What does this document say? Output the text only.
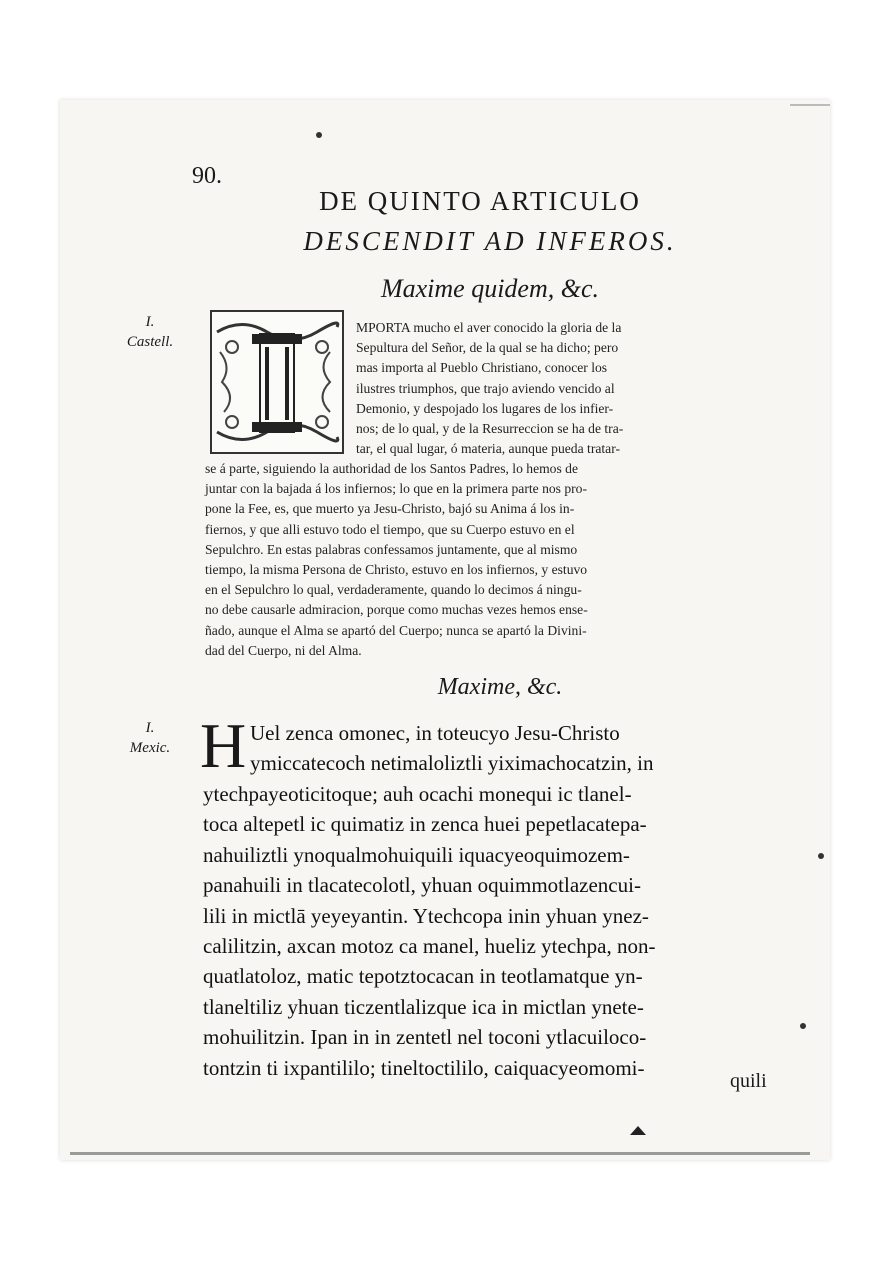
90.
DE QUINTO ARTICULO
DESCENDIT AD INFEROS.
Maxime quidem, &c.
I.
Castell.
MPORTA mucho el aver conocido la gloria de la
Sepultura del Señor, de la qual se ha dicho; pero
mas importa al Pueblo Christiano, conocer los
ilustres triumphos, que trajo aviendo vencido al
Demonio, y despojado los lugares de los infier-
nos; de lo qual, y de la Resurreccion se ha de tra-
tar, el qual lugar, ó materia, aunque pueda tratar-
se á parte, siguiendo la authoridad de los Santos Padres, lo hemos de
juntar con la bajada á los infiernos; lo que en la primera parte nos pro-
pone la Fee, es, que muerto ya Jesu-Christo, bajó su Anima á los in-
fiernos, y que alli estuvo todo el tiempo, que su Cuerpo estuvo en el
Sepulchro. En estas palabras confessamos juntamente, que al mismo
tiempo, la misma Persona de Christo, estuvo en los infiernos, y estuvo
en el Sepulchro lo qual, verdaderamente, quando lo decimos á ningu-
no debe causarle admiracion, porque como muchas vezes hemos ense-
ñado, aunque el Alma se apartó del Cuerpo; nunca se apartó la Divini-
dad del Cuerpo, ni del Alma.
Maxime, &c.
I.
Mexic. H Uel zenca omonec, in toteucyo Jesu-Christo
ymiccatecoch netimaloliztli yiximachocatzin, in
ytechpayeoticitoque; auh ocachi monequi ic tlanel-
toca altepetl ic quimatiz in zenca huei pepetlacatepa-
nahuiliztli ynoqualmohuiquili iquacyeoquimozem-
panahuili in tlacatecolotl, yhuan oquimmotlazencui-
lili in mictlā yeyeyantin. Ytechcopa inin yhuan ynez-
calilitzin, axcan motoz ca manel, hueliz ytechpa, non-
quatlatoloz, matic tepotztocacan in teotlamatque yn-
tlaneltiliz yhuan ticzentlalizque ica in mictlan ynete-
mohuilitzin. Ipan in in zentetl nel toconi ytlacuiloco-
tontzin ti ixpantililo; tineltoctililo, caiquacyeomomi-
quili
